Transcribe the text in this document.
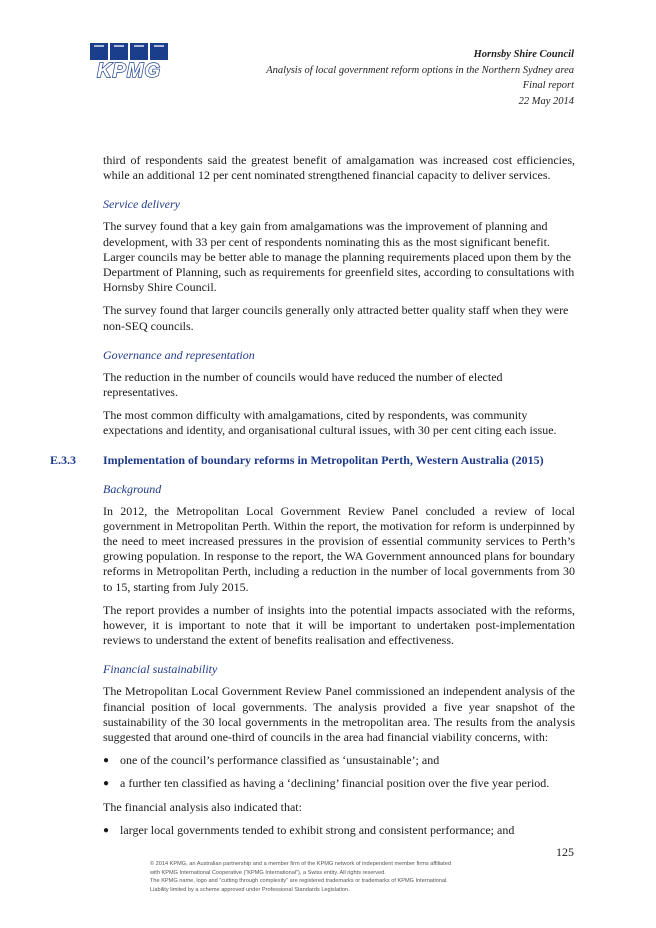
KPMG
Hornsby Shire Council
Analysis of local government reform options in the Northern Sydney area
Final report
22 May 2014

third of respondents said the greatest benefit of amalgamation was increased cost efficiencies, while an additional 12 per cent nominated strengthened financial capacity to deliver services.

Service delivery

The survey found that a key gain from amalgamations was the improvement of planning and development, with 33 per cent of respondents nominating this as the most significant benefit. Larger councils may be better able to manage the planning requirements placed upon them by the Department of Planning, such as requirements for greenfield sites, according to consultations with Hornsby Shire Council.

The survey found that larger councils generally only attracted better quality staff when they were non-SEQ councils.

Governance and representation

The reduction in the number of councils would have reduced the number of elected representatives.

The most common difficulty with amalgamations, cited by respondents, was community expectations and identity, and organisational cultural issues, with 30 per cent citing each issue.

E.3.3	Implementation of boundary reforms in Metropolitan Perth, Western Australia (2015)
Background

In 2012, the Metropolitan Local Government Review Panel concluded a review of local government in Metropolitan Perth. Within the report, the motivation for reform is underpinned by the need to meet increased pressures in the provision of essential community services to Perth’s growing population. In response to the report, the WA Government announced plans for boundary reforms in Metropolitan Perth, including a reduction in the number of local governments from 30 to 15, starting from July 2015.

The report provides a number of insights into the potential impacts associated with the reforms, however, it is important to note that it will be important to undertaken post-implementation reviews to understand the extent of benefits realisation and effectiveness.

Financial sustainability

The Metropolitan Local Government Review Panel commissioned an independent analysis of the financial position of local governments. The analysis provided a five year snapshot of the sustainability of the 30 local governments in the metropolitan area. The results from the analysis suggested that around one-third of councils in the area had financial viability concerns, with:

● one of the council’s performance classified as ‘unsustainable’; and
● a further ten classified as having a ‘declining’ financial position over the five year period.

The financial analysis also indicated that:

● larger local governments tended to exhibit strong and consistent performance; and
125
© 2014 KPMG, an Australian partnership and a member firm of the KPMG network of independent member firms affiliated
with KPMG International Cooperative (“KPMG International”), a Swiss entity. All rights reserved.
The KPMG name, logo and “cutting through complexity” are registered trademarks or trademarks of KPMG International.
Liability limited by a scheme approved under Professional Standards Legislation.
